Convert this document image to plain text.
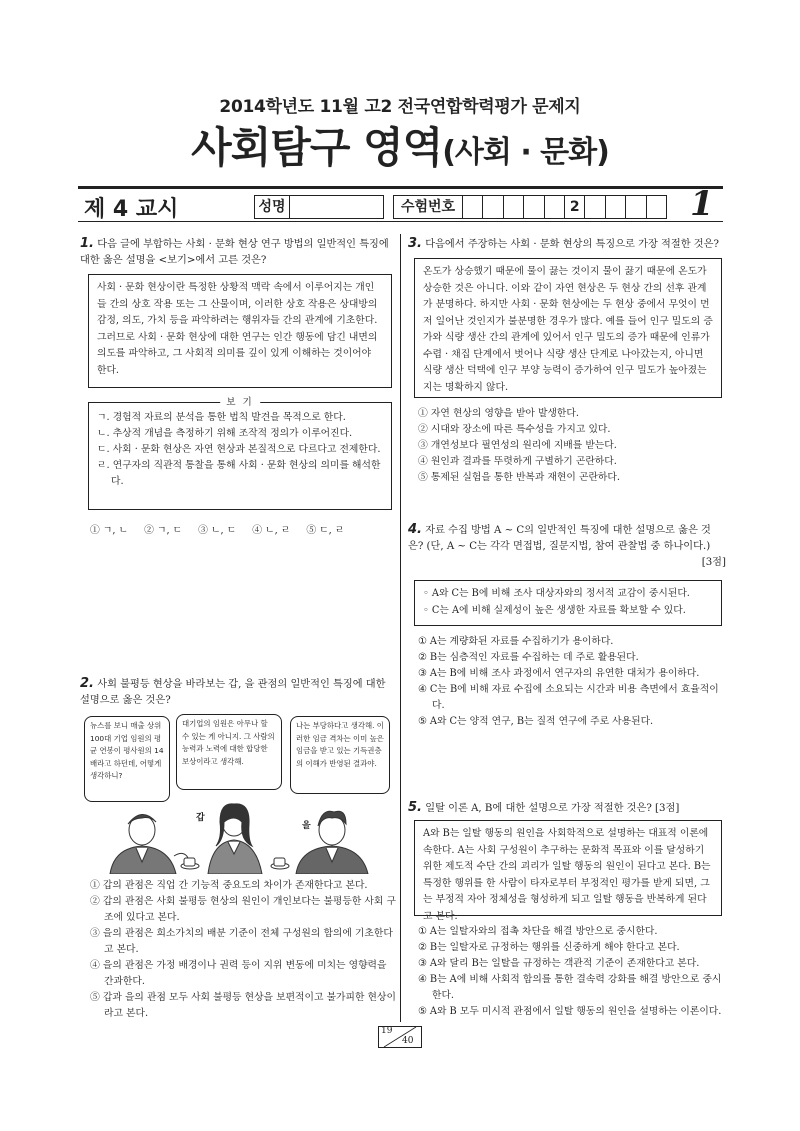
2014학년도 11월 고2 전국연합학력평가 문제지
사회탐구 영역(사회 · 문화)
제 4 교시	성명	수험번호	2	1
1. 다음 글에 부합하는 사회 · 문화 현상 연구 방법의 일반적인 특징에 대한 옳은 설명을 <보기>에서 고른 것은?
사회 · 문화 현상이란 특정한 상황적 맥락 속에서 이루어지는 개인들 간의 상호 작용 또는 그 산물이며, 이러한 상호 작용은 상대방의 감정, 의도, 가치 등을 파악하려는 행위자들 간의 관계에 기초한다. 그러므로 사회 · 문화 현상에 대한 연구는 인간 행동에 담긴 내면의 의도를 파악하고, 그 사회적 의미를 깊이 있게 이해하는 것이어야 한다.
보 기
ㄱ. 경험적 자료의 분석을 통한 법칙 발견을 목적으로 한다.
ㄴ. 추상적 개념을 측정하기 위해 조작적 정의가 이루어진다.
ㄷ. 사회 · 문화 현상은 자연 현상과 본질적으로 다르다고 전제한다.
ㄹ. 연구자의 직관적 통찰을 통해 사회 · 문화 현상의 의미를 해석한다.
① ㄱ, ㄴ ② ㄱ, ㄷ ③ ㄴ, ㄷ ④ ㄴ, ㄹ ⑤ ㄷ, ㄹ
2. 사회 불평등 현상을 바라보는 갑, 을 관점의 일반적인 특징에 대한 설명으로 옳은 것은?
뉴스를 보니 매출 상위 100대 기업 임원의 평균 연봉이 평사원의 14배라고 하던데, 어떻게 생각하니?
대기업의 임원은 아무나 할 수 있는 게 아니지. 그 사람의 능력과 노력에 대한 합당한 보상이라고 생각해.
나는 부당하다고 생각해. 이러한 임금 격차는 이미 높은 임금을 받고 있는 기득권층의 이해가 반영된 결과야.
갑
을
① 갑의 관점은 직업 간 기능적 중요도의 차이가 존재한다고 본다.
② 갑의 관점은 사회 불평등 현상의 원인이 개인보다는 불평등한 사회 구조에 있다고 본다.
③ 을의 관점은 희소가치의 배분 기준이 전체 구성원의 합의에 기초한다고 본다.
④ 을의 관점은 가정 배경이나 권력 등이 지위 변동에 미치는 영향력을 간과한다.
⑤ 갑과 을의 관점 모두 사회 불평등 현상을 보편적이고 불가피한 현상이라고 본다.
3. 다음에서 주장하는 사회 · 문화 현상의 특징으로 가장 적절한 것은?
온도가 상승했기 때문에 물이 끓는 것이지 물이 끓기 때문에 온도가 상승한 것은 아니다. 이와 같이 자연 현상은 두 현상 간의 선후 관계가 분명하다. 하지만 사회 · 문화 현상에는 두 현상 중에서 무엇이 먼저 일어난 것인지가 불분명한 경우가 많다. 예를 들어 인구 밀도의 증가와 식량 생산 간의 관계에 있어서 인구 밀도의 증가 때문에 인류가 수렵 · 채집 단계에서 벗어나 식량 생산 단계로 나아갔는지, 아니면 식량 생산 덕택에 인구 부양 능력이 증가하여 인구 밀도가 높아졌는지는 명확하지 않다.
① 자연 현상의 영향을 받아 발생한다.
② 시대와 장소에 따른 특수성을 가지고 있다.
③ 개연성보다 필연성의 원리에 지배를 받는다.
④ 원인과 결과를 뚜렷하게 구별하기 곤란하다.
⑤ 통제된 실험을 통한 반복과 재현이 곤란하다.
4. 자료 수집 방법 A ~ C의 일반적인 특징에 대한 설명으로 옳은 것은? (단, A ~ C는 각각 면접법, 질문지법, 참여 관찰법 중 하나이다.)
[3점]
◦ A와 C는 B에 비해 조사 대상자와의 정서적 교감이 중시된다.
◦ C는 A에 비해 실제성이 높은 생생한 자료를 확보할 수 있다.
① A는 계량화된 자료를 수집하기가 용이하다.
② B는 심층적인 자료를 수집하는 데 주로 활용된다.
③ A는 B에 비해 조사 과정에서 연구자의 유연한 대처가 용이하다.
④ C는 B에 비해 자료 수집에 소요되는 시간과 비용 측면에서 효율적이다.
⑤ A와 C는 양적 연구, B는 질적 연구에 주로 사용된다.
5. 일탈 이론 A, B에 대한 설명으로 가장 적절한 것은? [3점]
A와 B는 일탈 행동의 원인을 사회학적으로 설명하는 대표적 이론에 속한다. A는 사회 구성원이 추구하는 문화적 목표와 이를 달성하기 위한 제도적 수단 간의 괴리가 일탈 행동의 원인이 된다고 본다. B는 특정한 행위를 한 사람이 타자로부터 부정적인 평가를 받게 되면, 그는 부정적 자아 정체성을 형성하게 되고 일탈 행동을 반복하게 된다고 본다.
① A는 일탈자와의 접촉 차단을 해결 방안으로 중시한다.
② B는 일탈자로 규정하는 행위를 신중하게 해야 한다고 본다.
③ A와 달리 B는 일탈을 규정하는 객관적 기준이 존재한다고 본다.
④ B는 A에 비해 사회적 합의를 통한 결속력 강화를 해결 방안으로 중시한다.
⑤ A와 B 모두 미시적 관점에서 일탈 행동의 원인을 설명하는 이론이다.
19
40
